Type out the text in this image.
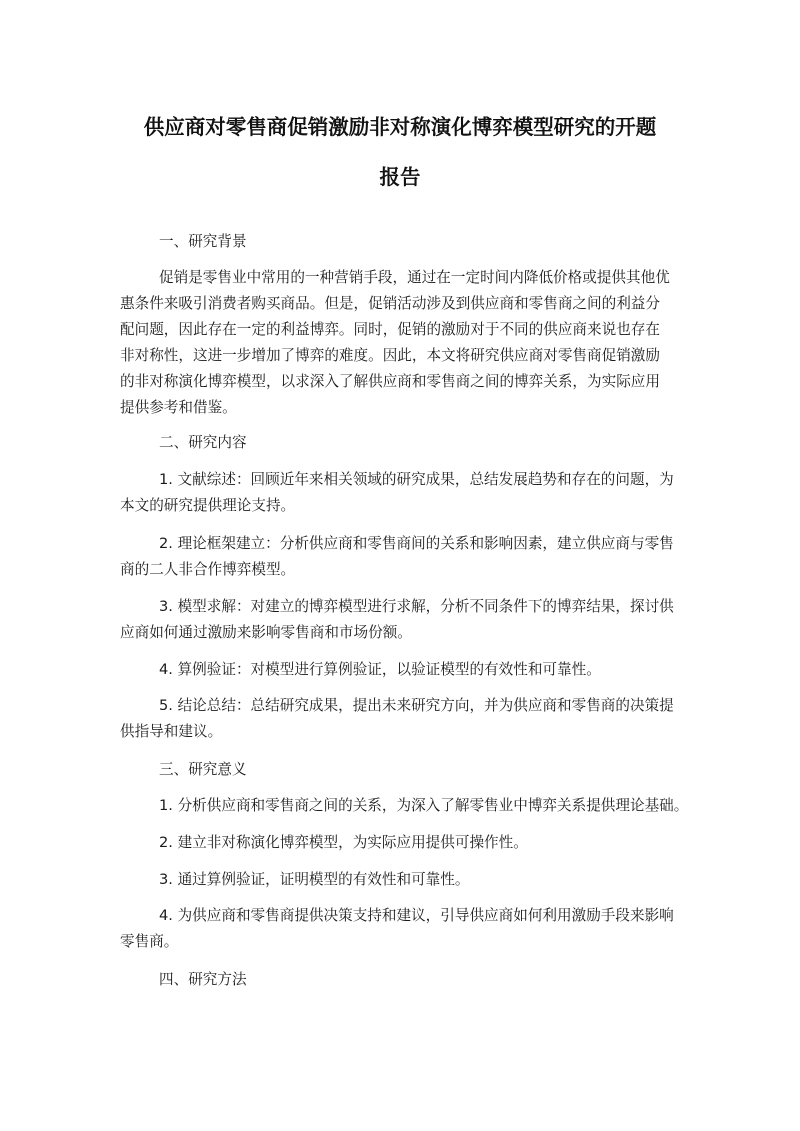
供应商对零售商促销激励非对称演化博弈模型研究的开题
报告

一、研究背景

促销是零售业中常用的一种营销手段，通过在一定时间内降低价格或提供其他优

惠条件来吸引消费者购买商品。但是，促销活动涉及到供应商和零售商之间的利益分

配问题，因此存在一定的利益博弈。同时，促销的激励对于不同的供应商来说也存在

非对称性，这进一步增加了博弈的难度。因此，本文将研究供应商对零售商促销激励

的非对称演化博弈模型，以求深入了解供应商和零售商之间的博弈关系，为实际应用

提供参考和借鉴。

二、研究内容

1. 文献综述：回顾近年来相关领域的研究成果，总结发展趋势和存在的问题，为

本文的研究提供理论支持。

2. 理论框架建立：分析供应商和零售商间的关系和影响因素，建立供应商与零售

商的二人非合作博弈模型。

3. 模型求解：对建立的博弈模型进行求解，分析不同条件下的博弈结果，探讨供

应商如何通过激励来影响零售商和市场份额。

4. 算例验证：对模型进行算例验证，以验证模型的有效性和可靠性。

5. 结论总结：总结研究成果，提出未来研究方向，并为供应商和零售商的决策提

供指导和建议。

三、研究意义

1. 分析供应商和零售商之间的关系，为深入了解零售业中博弈关系提供理论基础。

2. 建立非对称演化博弈模型，为实际应用提供可操作性。

3. 通过算例验证，证明模型的有效性和可靠性。

4. 为供应商和零售商提供决策支持和建议，引导供应商如何利用激励手段来影响

零售商。

四、研究方法
